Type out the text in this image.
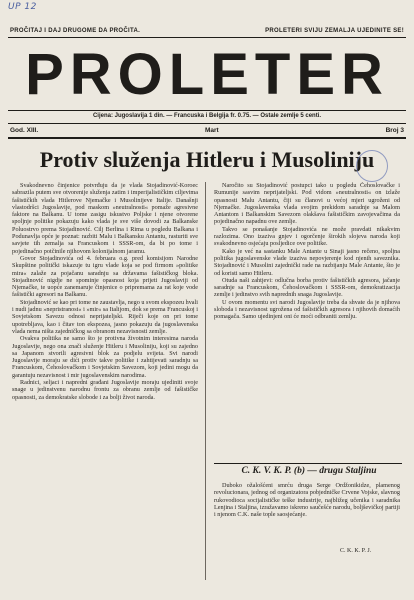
UP 12
PROČITAJ I DAJ DRUGOME DA PROČITA.	PROLETERI SVIJU ZEMALJA UJEDINITE SE!
PROLETER
Cijena: Jugoslavija 1 din. — Francuska i Belgija fr. 0.75. — Ostale zemlje 5 centi.
God. XIII.	Mart	Broj 3
Protiv služenja Hitleru i Musoliniju

Svakodnevno činjenice potvrđuju da je vlada Stojadinović-Koroec sabrazila putem sve otvorenije služenja zatim i imperijalističkim ciljevima fašističkih vlada Hitlerove Njemačke i Musolinijeve Italije. Današnji vlastodršci Jugoslavije, pod maskom »neutralnosti« pomaže agresivne faktore na Balkanu. U tome zasigu iskustvo Poljske i njene otvorene spoljnje politike pokazuju kako vlada je sve više dovodi za Balkanske Poluostrvo prema Stojadinović. Cilj Berlina i Rima u pogledu Balkana i Podunavlja opće je poznat: razbiti Malu i Balkansku Antantu, rasturiti sve savjete tih zemalja sa Francuskom i SSSR-om, da bi po tome i pojedinačno potčinile njihovom kolonijalnom jaramu.

Govor Stojadinovića od 4. februara o.g. pred komisijom Narodne Skupštine politički iskazuje tu igru vlade koja se pod firmom »politike mira« zalaže za pojačanu saradnju sa državama fašističkog bloka. Stojadinović nigdje ne spominje opasnost koja prijeti Jugoslaviji od Njemačke, te uopće zanemaruje činjenice o pripremama za rat koje vode fašistički agresori na Balkanu.

Stojadinović se kao pri tome ne zaustavlja, nego u svom ekspozeu hvali i nudi jadnu »nepristranost« i »mir« sa Italijom, dok se prema Francuskoj i Sovjetskom Savezu odnosi neprijateljski. Riječi koje on pri tome upotrebljava, kao i čitav ton ekspozea, jasno pokazuju da jugoslavenska vlada nema ništa zajedničkog sa obranom nezavisnosti zemlje.

Ovakva politika ne samo što je protivna životnim interesima naroda Jugoslavije, nego ona znači služenje Hitleru i Musoliniju, koji su zajedno sa Japanom stvorili agresivni blok za podjelu svijeta. Svi narodi Jugoslavije moraju se dići protiv takve politike i zahtijevati saradnju sa Francuskom, Čehoslovačkom i Sovjetskim Savezom, koji jedini mogu da garantuju nezavisnost i mir jugoslavenskim narodima.

Radnici, seljaci i napredni građani Jugoslavije moraju ujediniti svoje snage u jedinstvenu narodnu frontu za obranu zemlje od fašističke opasnosti, za demokratske slobode i za bolji život naroda.

Naročito su Stojadinović postupci tako u pogledu Čehoslovačke i Rumunije sasvim neprijateljski. Pod vidom »neutralnosti« on izlaže opasnosti Malu Antantu, čiji su članovi u većoj mjeri ugroženi od Njemačke. Jugoslavenska vlada svojim prekidom saradnje sa Malom Antantom i Balkanskim Savezom olakšava fašističkim zavojevačima da pojedinačno napadnu ove zemlje.

Takvo se ponašanje Stojadinovića ne može pravdati nikakvim razlozima. Ono izaziva gnjev i ogorčenje širokih slojeva naroda koji svakodnevno osjećaju posljedice ove politike.

Kako je već na sastanku Male Antante u Sinaji jasno rečeno, spoljna politika jugoslavenske vlade izaziva nepovjerenje kod njenih saveznika. Stojadinović i Musolini zajednički rade na razbijanju Male Antante, što je od koristi samo Hitleru.

Otuda naši zahtjevi: odlučna borba protiv fašističkih agresora, jačanje saradnje sa Francuskom, Čehoslovačkom i SSSR-om, demokratizacija zemlje i jedinstvo svih naprednih snaga Jugoslavije.

U ovom momentu svi narodi Jugoslavije treba da shvate da je njihova sloboda i nezavisnost ugrožena od fašističkih agresora i njihovih domaćih pomagača. Samo ujedinjeni oni će moći odbraniti zemlju.

C. K. V. K. P. (b) — drugu Staljinu

Duboko ožalošćeni smrću druga Serge Ordžonikidze, plamenog revolucionara, jednog od organizatora pobjedničke Crvene Vojske, slavnog rukovodioca socijalističke teške industrije, najbližeg učenika i saradnika Lenjina i Staljina, izražavamo iskreno saučešće narodu, boljševičkoj partiji i njenom C.K. naše tople saosjećanje.

C. K. K. P. J.
